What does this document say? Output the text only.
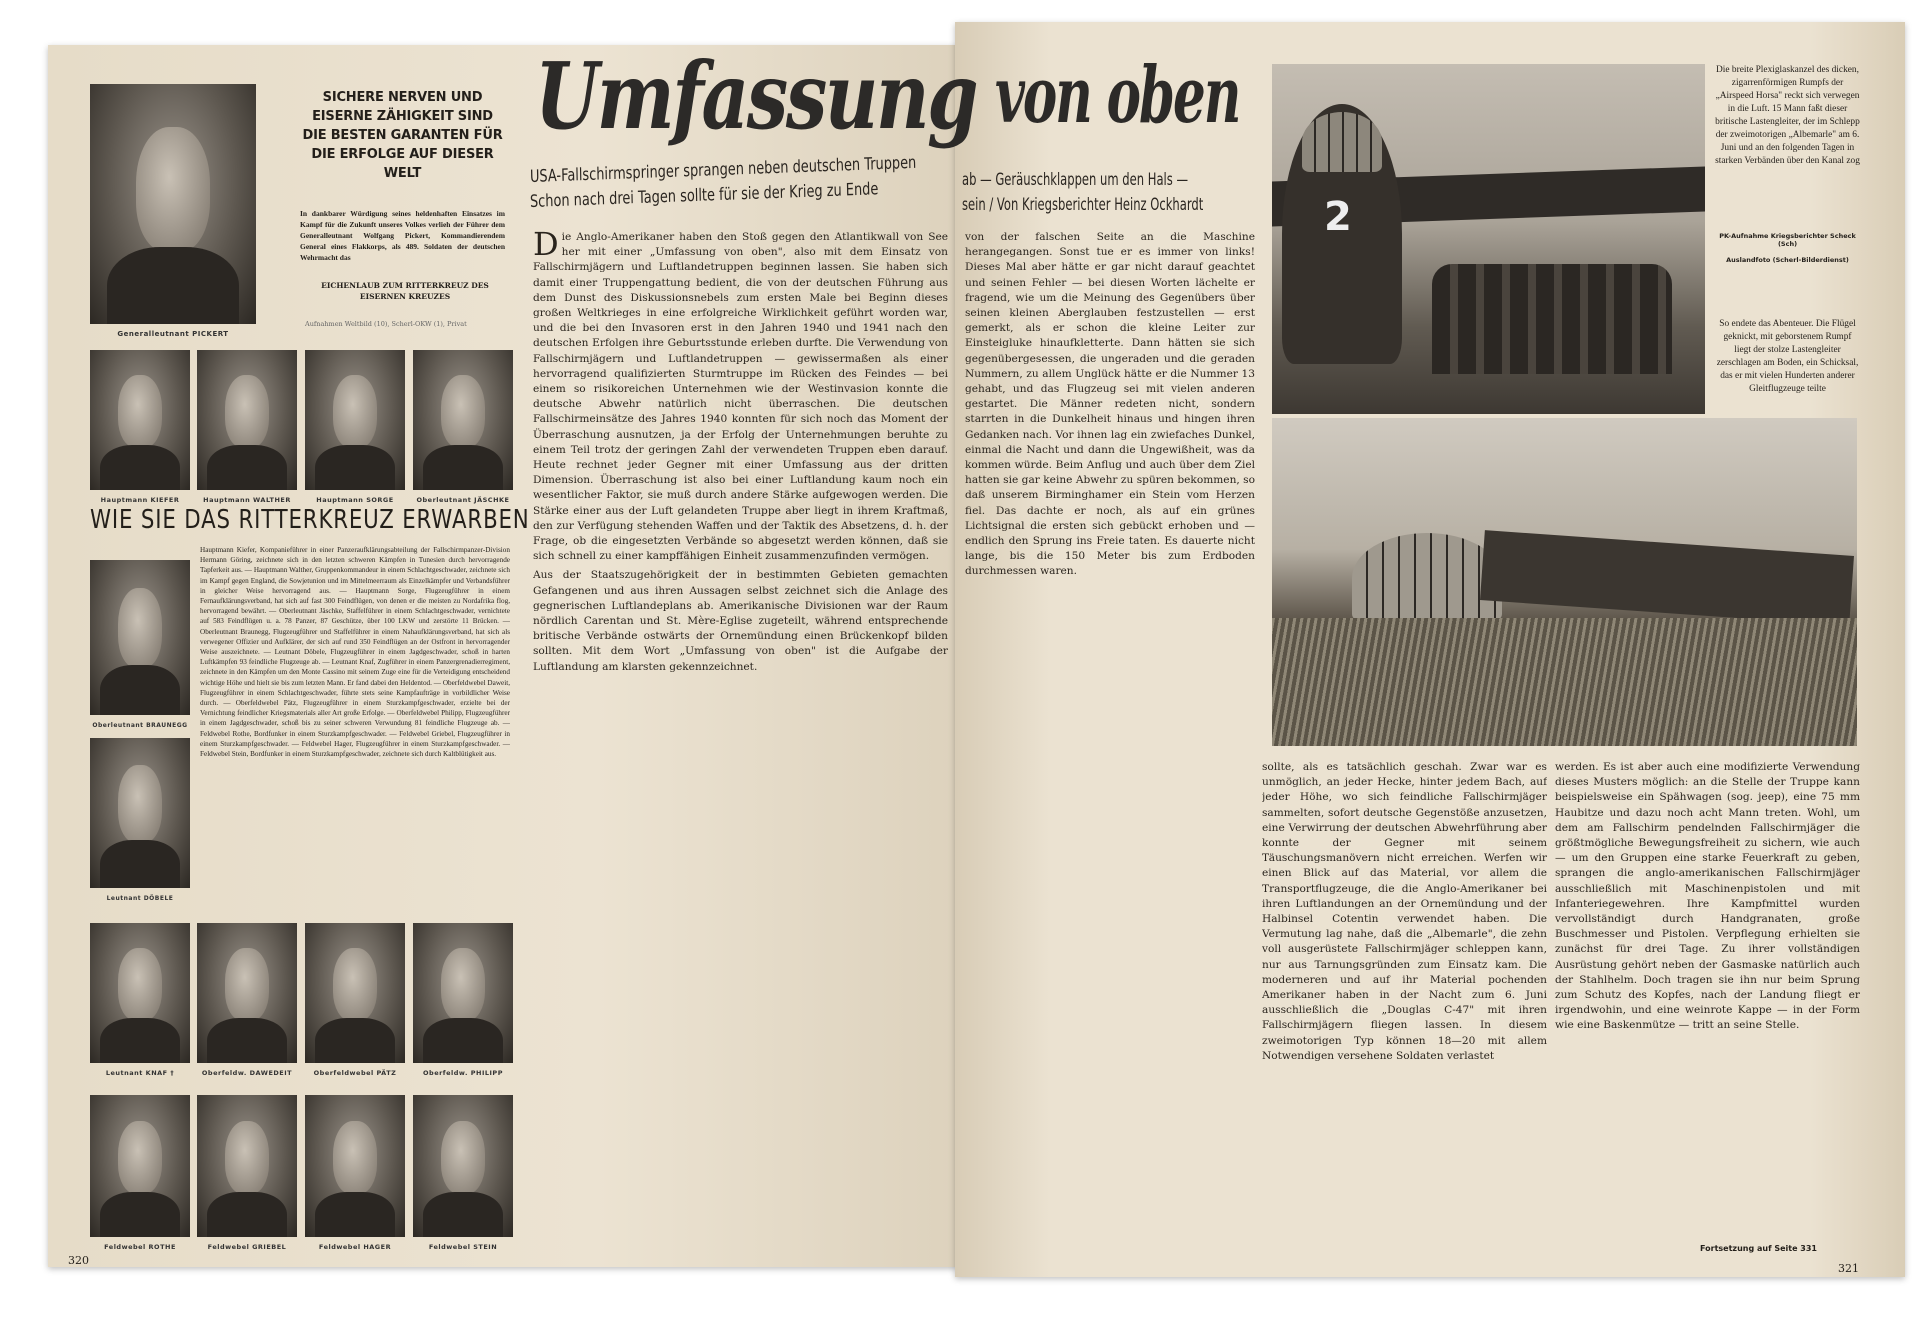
Generalleutnant PICKERT
SICHERE NERVEN UND EISERNE ZÄHIGKEIT SIND DIE BESTEN GARANTEN FÜR DIE ERFOLGE AUF DIESER WELT
In dankbarer Würdigung seines heldenhaften Einsatzes im Kampf für die Zukunft unseres Volkes verlieh der Führer dem Generalleutnant Wolfgang Pickert, Kommandierendem General eines Flakkorps, als 489. Soldaten der deutschen Wehrmacht das
EICHENLAUB ZUM RITTERKREUZ DES EISERNEN KREUZES
Aufnahmen Weltbild (10), Scherl-OKW (1), Privat
Hauptmann KIEFER	Hauptmann WALTHER	Hauptmann SORGE	Oberleutnant JÄSCHKE
WIE SIE DAS RITTERKREUZ ERWARBEN
Oberleutnant BRAUNEGG
Leutnant DÖBELE
Hauptmann Kiefer, Kompanieführer in einer Panzeraufklärungsabteilung der Fallschirmpanzer-Division Hermann Göring, zeichnete sich in den letzten schweren Kämpfen in Tunesien durch hervorragende Tapferkeit aus. — Hauptmann Walther, Gruppenkommandeur in einem Schlachtgeschwader, zeichnete sich im Kampf gegen England, die Sowjetunion und im Mittelmeerraum als Einzelkämpfer und Verbandsführer in gleicher Weise hervorragend aus. — Hauptmann Sorge, Flugzeugführer in einem Fernaufklärungsverband, hat sich auf fast 300 Feindflügen, von denen er die meisten zu Nordafrika flog, hervorragend bewährt. — Oberleutnant Jäschke, Staffelführer in einem Schlachtgeschwader, vernichtete auf 583 Feindflügen u. a. 78 Panzer, 87 Geschütze, über 100 LKW und zerstörte 11 Brücken. — Oberleutnant Braunegg, Flugzeugführer und Staffelführer in einem Nahaufklärungsverband, hat sich als verwegener Offizier und Aufklärer, der sich auf rund 350 Feindflügen an der Ostfront in hervorragender Weise auszeichnete. — Leutnant Döbele, Flugzeugführer in einem Jagdgeschwader, schoß in harten Luftkämpfen 93 feindliche Flugzeuge ab. — Leutnant Knaf, Zugführer in einem Panzergrenadierregiment, zeichnete in den Kämpfen um den Monte Cassino mit seinem Zuge eine für die Verteidigung entscheidend wichtige Höhe und hielt sie bis zum letzten Mann. Er fand dabei den Heldentod. — Oberfeldwebel Daweit, Flugzeugführer in einem Schlachtgeschwader, führte stets seine Kampfaufträge in vorbildlicher Weise durch. — Oberfeldwebel Pätz, Flugzeugführer in einem Sturzkampfgeschwader, erzielte bei der Vernichtung feindlicher Kriegsmaterials aller Art große Erfolge. — Oberfeldwebel Philipp, Flugzeugführer in einem Jagdgeschwader, schoß bis zu seiner schweren Verwundung 81 feindliche Flugzeuge ab. — Feldwebel Rothe, Bordfunker in einem Sturzkampfgeschwader. — Feldwebel Griebel, Flugzeugführer in einem Sturzkampfgeschwader. — Feldwebel Hager, Flugzeugführer in einem Sturzkampfgeschwader. — Feldwebel Stein, Bordfunker in einem Sturzkampfgeschwader, zeichnete sich durch Kaltblütigkeit aus.
Leutnant KNAF †	Oberfeldw. DAWEDEIT	Oberfeldwebel PÄTZ	Oberfeldw. PHILIPP
Feldwebel ROTHE	Feldwebel GRIEBEL	Feldwebel HAGER	Feldwebel STEIN
320
2
Umfassung von oben
USA-Fallschirmspringer sprangen neben deutschen Truppen
Schon nach drei Tagen sollte für sie der Krieg zu Ende	ab — Geräuschklappen um den Hals —
sein / Von Kriegsberichter Heinz Ockhardt
Die Anglo-Amerikaner haben den Stoß gegen den Atlantikwall von See her mit einer „Umfassung von oben", also mit dem Einsatz von Fallschirmjägern und Luftlandetruppen beginnen lassen. Sie haben sich damit einer Truppengattung bedient, die von der deutschen Führung aus dem Dunst des Diskussionsnebels zum ersten Male bei Beginn dieses großen Weltkrieges in eine erfolgreiche Wirklichkeit geführt worden war, und die bei den Invasoren erst in den Jahren 1940 und 1941 nach den deutschen Erfolgen ihre Geburtsstunde erleben durfte. Die Verwendung von Fallschirmjägern und Luftlandetruppen — gewissermaßen als einer hervorragend qualifizierten Sturmtruppe im Rücken des Feindes — bei einem so risikoreichen Unternehmen wie der Westinvasion konnte die deutsche Abwehr natürlich nicht überraschen. Die deutschen Fallschirmeinsätze des Jahres 1940 konnten für sich noch das Moment der Überraschung ausnutzen, ja der Erfolg der Unternehmungen beruhte zu einem Teil trotz der geringen Zahl der verwendeten Truppen eben darauf. Heute rechnet jeder Gegner mit einer Umfassung aus der dritten Dimension. Überraschung ist also bei einer Luftlandung kaum noch ein wesentlicher Faktor, sie muß durch andere Stärke aufgewogen werden. Die Stärke einer aus der Luft gelandeten Truppe aber liegt in ihrem Kraftmaß, den zur Verfügung stehenden Waffen und der Taktik des Absetzens, d. h. der Frage, ob die eingesetzten Verbände so abgesetzt werden können, daß sie sich schnell zu einer kampffähigen Einheit zusammenzufinden vermögen.

Aus der Staatszugehörigkeit der in bestimmten Gebieten gemachten Gefangenen und aus ihren Aussagen selbst zeichnet sich die Anlage des gegnerischen Luftlandeplans ab. Amerikanische Divisionen war der Raum nördlich Carentan und St. Mère-Eglise zugeteilt, während entsprechende britische Verbände ostwärts der Ornemündung einen Brückenkopf bilden sollten. Mit dem Wort „Umfassung von oben" ist die Aufgabe der Luftlandung am klarsten gekennzeichnet.

von der falschen Seite an die Maschine herangegangen. Sonst tue er es immer von links! Dieses Mal aber hätte er gar nicht darauf geachtet und seinen Fehler — bei diesen Worten lächelte er fragend, wie um die Meinung des Gegenübers über seinen kleinen Aberglauben festzustellen — erst gemerkt, als er schon die kleine Leiter zur Einsteigluke hinaufkletterte. Dann hätten sie sich gegenübergesessen, die ungeraden und die geraden Nummern, zu allem Unglück hätte er die Nummer 13 gehabt, und das Flugzeug sei mit vielen anderen gestartet. Die Männer redeten nicht, sondern starrten in die Dunkelheit hinaus und hingen ihren Gedanken nach. Vor ihnen lag ein zwiefaches Dunkel, einmal die Nacht und dann die Ungewißheit, was da kommen würde. Beim Anflug und auch über dem Ziel hatten sie gar keine Abwehr zu spüren bekommen, so daß unserem Birminghamer ein Stein vom Herzen fiel. Das dachte er noch, als auf ein grünes Lichtsignal die ersten sich gebückt erhoben und — endlich den Sprung ins Freie taten. Es dauerte nicht lange, bis die 150 Meter bis zum Erdboden durchmessen waren.
sollte, als es tatsächlich geschah. Zwar war es unmöglich, an jeder Hecke, hinter jedem Bach, auf jeder Höhe, wo sich feindliche Fallschirmjäger sammelten, sofort deutsche Gegenstöße anzusetzen, eine Verwirrung der deutschen Abwehrführung aber konnte der Gegner mit seinem Täuschungsmanövern nicht erreichen. Werfen wir einen Blick auf das Material, vor allem die Transportflugzeuge, die die Anglo-Amerikaner bei ihren Luftlandungen an der Ornemündung und der Halbinsel Cotentin verwendet haben. Die Vermutung lag nahe, daß die „Albemarle", die zehn voll ausgerüstete Fallschirmjäger schleppen kann, nur aus Tarnungsgründen zum Einsatz kam. Die moderneren und auf ihr Material pochenden Amerikaner haben in der Nacht zum 6. Juni ausschließlich die „Douglas C-47" mit ihren Fallschirmjägern fliegen lassen. In diesem zweimotorigen Typ können 18—20 mit allem Notwendigen versehene Soldaten verlastet
werden. Es ist aber auch eine modifizierte Verwendung dieses Musters möglich: an die Stelle der Truppe kann beispielsweise ein Spähwagen (sog. jeep), eine 75 mm Haubitze und dazu noch acht Mann treten. Wohl, um dem am Fallschirm pendelnden Fallschirmjäger die größtmögliche Bewegungsfreiheit zu sichern, wie auch — um den Gruppen eine starke Feuerkraft zu geben, sprangen die anglo-amerikanischen Fallschirmjäger ausschließlich mit Maschinenpistolen und mit Infanteriegewehren. Ihre Kampfmittel wurden vervollständigt durch Handgranaten, große Buschmesser und Pistolen. Verpflegung erhielten sie zunächst für drei Tage. Zu ihrer vollständigen Ausrüstung gehört neben der Gasmaske natürlich auch der Stahlhelm. Doch tragen sie ihn nur beim Sprung zum Schutz des Kopfes, nach der Landung fliegt er irgendwohin, und eine weinrote Kappe — in der Form wie eine Baskenmütze — tritt an seine Stelle.
Fortsetzung auf Seite 331
321
Die breite Plexiglaskanzel des dicken, zigarrenförmigen Rumpfs der „Airspeed Horsa" reckt sich verwegen in die Luft. 15 Mann faßt dieser britische Lastengleiter, der im Schlepp der zweimotorigen „Albemarle" am 6. Juni und an den folgenden Tagen in starken Verbänden über den Kanal zog
PK-Aufnahme Kriegsberichter Scheck (Sch)
Auslandfoto (Scherl-Bilderdienst)
So endete das Abenteuer. Die Flügel geknickt, mit geborstenem Rumpf liegt der stolze Lastengleiter zerschlagen am Boden, ein Schicksal, das er mit vielen Hunderten anderer Gleitflugzeuge teilte
